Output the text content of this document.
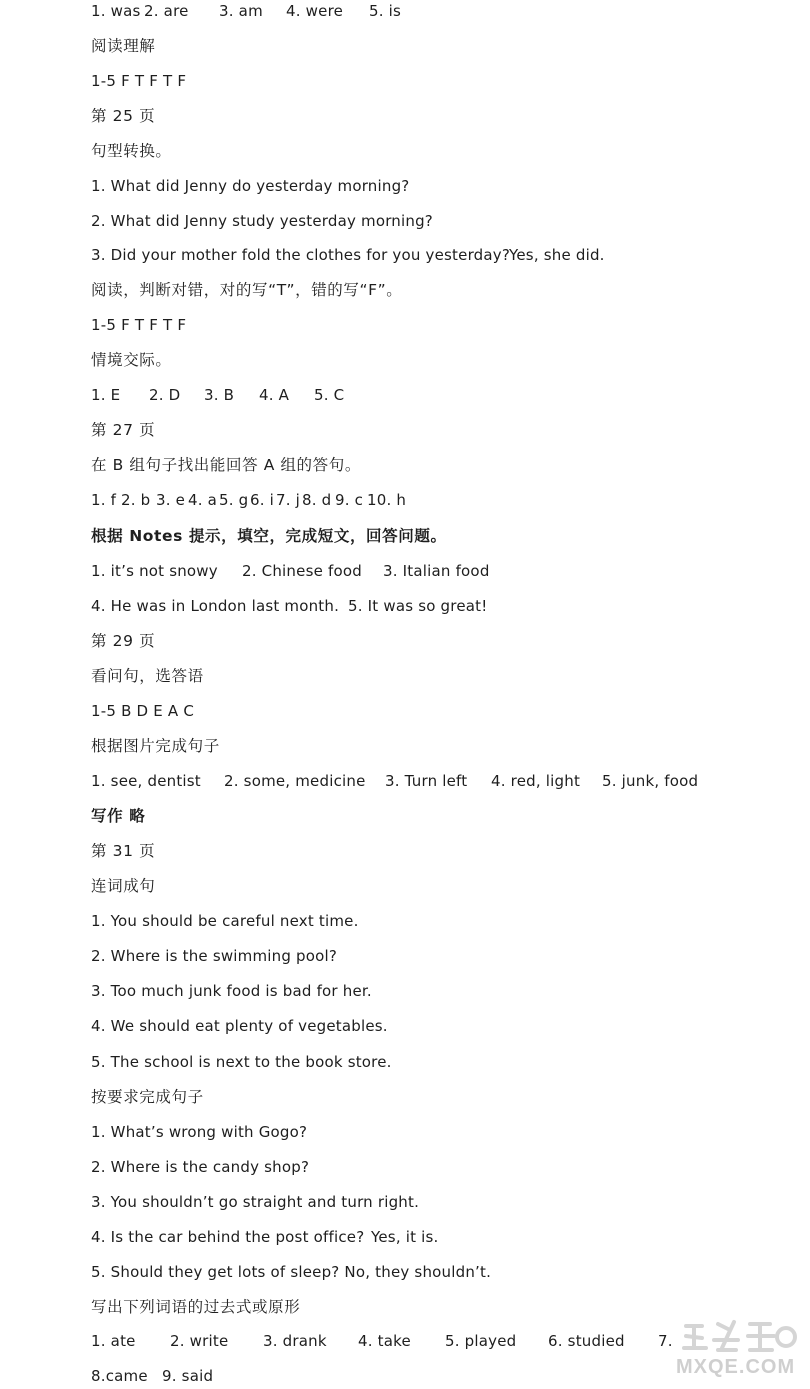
1. was 2. are 3. am 4. were 5. is
阅读理解
1-5 F T F T F
第 25 页
句型转换。
1. What did Jenny do yesterday morning?
2. What did Jenny study yesterday morning?
3. Did your mother fold the clothes for you yesterday?Yes, she did.
阅读，判断对错，对的写“T”，错的写“F”。
1-5 F T F T F
情境交际。
1. E 2. D 3. B 4. A 5. C
第 27 页
在 B 组句子找出能回答 A 组的答句。
1. f 2. b 3. e 4. a 5. g 6. i 7. j 8. d 9. c 10. h
根据 Notes 提示，填空，完成短文，回答问题。
1. it’s not snowy 2. Chinese food 3. Italian food
4. He was in London last month. 5. It was so great!
第 29 页
看问句，选答语
1-5 B D E A C
根据图片完成句子
1. see, dentist 2. some, medicine 3. Turn left 4. red, light 5. junk, food
写作 略
第 31 页
连词成句
1. You should be careful next time.
2. Where is the swimming pool?
3. Too much junk food is bad for her.
4. We should eat plenty of vegetables.
5. The school is next to the book store.
按要求完成句子
1. What’s wrong with Gogo?
2. Where is the candy shop?
3. You shouldn’t go straight and turn right.
4. Is the car behind the post office? Yes, it is.
5. Should they get lots of sleep? No, they shouldn’t.
写出下列词语的过去式或原形
1. ate 2. write 3. drank 4. take 5. played 6. studied 7.
8.came 9. said	MXQE.COM
